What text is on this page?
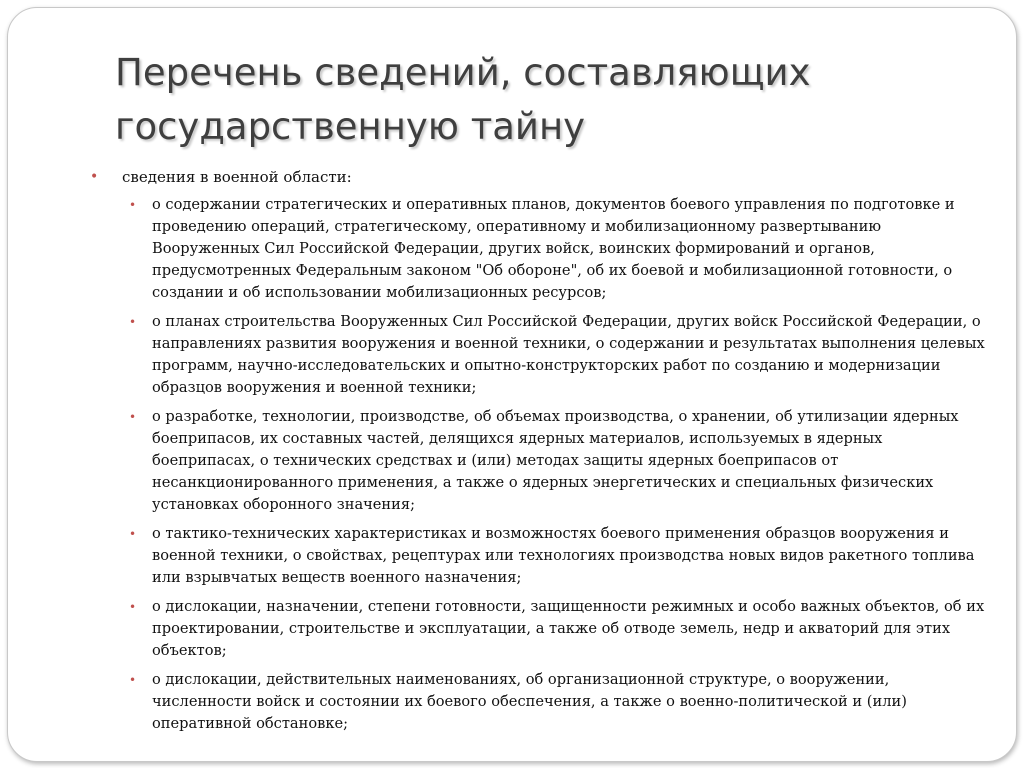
Перечень сведений, составляющих государственную тайну
• сведения в военной области:
• о содержании стратегических и оперативных планов, документов боевого управления по подготовке и проведению операций, стратегическому, оперативному и мобилизационному развертыванию Вооруженных Сил Российской Федерации, других войск, воинских формирований и органов, предусмотренных Федеральным законом "Об обороне", об их боевой и мобилизационной готовности, о создании и об использовании мобилизационных ресурсов;
• о планах строительства Вооруженных Сил Российской Федерации, других войск Российской Федерации, о направлениях развития вооружения и военной техники, о содержании и результатах выполнения целевых программ, научно-исследовательских и опытно-конструкторских работ по созданию и модернизации образцов вооружения и военной техники;
• о разработке, технологии, производстве, об объемах производства, о хранении, об утилизации ядерных боеприпасов, их составных частей, делящихся ядерных материалов, используемых в ядерных боеприпасах, о технических средствах и (или) методах защиты ядерных боеприпасов от несанкционированного применения, а также о ядерных энергетических и специальных физических установках оборонного значения;
• о тактико-технических характеристиках и возможностях боевого применения образцов вооружения и военной техники, о свойствах, рецептурах или технологиях производства новых видов ракетного топлива или взрывчатых веществ военного назначения;
• о дислокации, назначении, степени готовности, защищенности режимных и особо важных объектов, об их проектировании, строительстве и эксплуатации, а также об отводе земель, недр и акваторий для этих объектов;
• о дислокации, действительных наименованиях, об организационной структуре, о вооружении, численности войск и состоянии их боевого обеспечения, а также о военно-политической и (или) оперативной обстановке;
